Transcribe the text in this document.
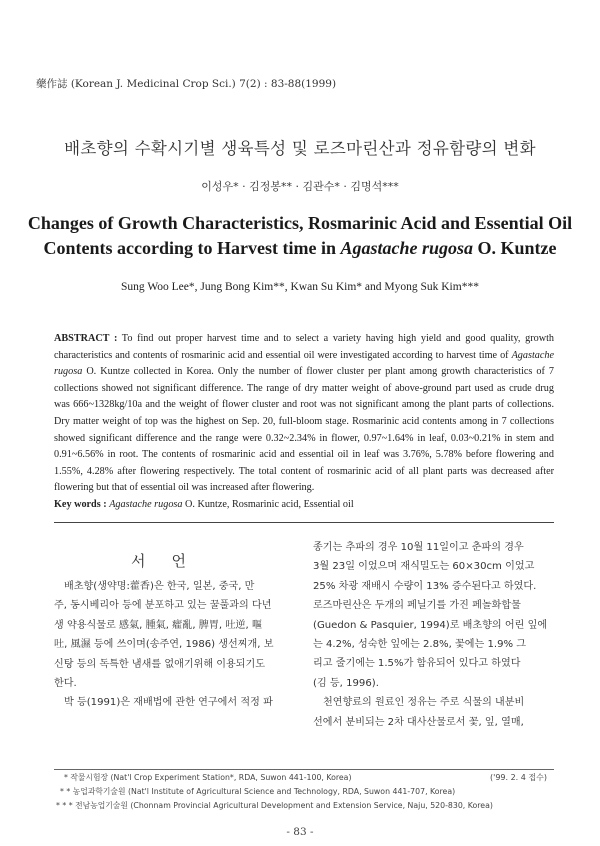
藥作誌 (Korean J. Medicinal Crop Sci.) 7(2) : 83-88(1999)
배초향의 수확시기별 생육특성 및 로즈마린산과 정유함량의 변화
이성우* · 김정봉** · 김관수* · 김명석***
Changes of Growth Characteristics, Rosmarinic Acid and Essential Oil
Contents according to Harvest time in Agastache rugosa O. Kuntze
Sung Woo Lee*, Jung Bong Kim**, Kwan Su Kim* and Myong Suk Kim***
ABSTRACT : To find out proper harvest time and to select a variety having high yield and good quality, growth characteristics and contents of rosmarinic acid and essential oil were investigated according to harvest time of Agastache rugosa O. Kuntze collected in Korea. Only the number of flower cluster per plant among growth characteristics of 7 collections showed not significant difference. The range of dry matter weight of above-ground part used as crude drug was 666~1328kg/10a and the weight of flower cluster and root was not significant among the plant parts of collections. Dry matter weight of top was the highest on Sep. 20, full-bloom stage. Rosmarinic acid contents among in 7 collections showed significant difference and the range were 0.32~2.34% in flower, 0.97~1.64% in leaf, 0.03~0.21% in stem and 0.91~6.56% in root. The contents of rosmarinic acid and essential oil in leaf was 3.76%, 5.78% before flowering and 1.55%, 4.28% after flowering respectively. The total content of rosmarinic acid of all plant parts was decreased after flowering but that of essential oil was increased after flowering.
Key words : Agastache rugosa O. Kuntze, Rosmarinic acid, Essential oil
서언
배초향(생약명:藿香)은 한국, 일본, 중국, 만
주, 동시베리아 등에 분포하고 있는 꿀풀과의 다년
생 약용식물로 感氣, 腫氣, 癨亂, 脾胃, 吐逆, 嘔
吐, 風濕 등에 쓰이며(송주연, 1986) 생선찌개, 보
신탕 등의 독특한 냄새를 없애기위해 이용되기도
한다.
박 등(1991)은 재배법에 관한 연구에서 적정 파
종기는 추파의 경우 10월 11일이고 춘파의 경우
3월 23일 이었으며 재식밀도는 60×30cm 이었고
25% 차광 재배시 수량이 13% 증수된다고 하였다.
로즈마린산은 두개의 페닐기를 가진 페놀화합물
(Guedon & Pasquier, 1994)로 배초향의 어린 잎에
는 4.2%, 성숙한 잎에는 2.8%, 꽃에는 1.9% 그
리고 줄기에는 1.5%가 함유되어 있다고 하였다
(김 등, 1996).
천연향료의 원료인 정유는 주로 식물의 내분비
선에서 분비되는 2차 대사산물로서 꽃, 잎, 열매,
* 작물시험장 (Nat'l Crop Experiment Station*, RDA, Suwon 441-100, Korea)
* * 농업과학기술원 (Nat'l Institute of Agricultural Science and Technology, RDA, Suwon 441-707, Korea)
* * * 전남농업기술원 (Chonnam Provincial Agricultural Development and Extension Service, Naju, 520-830, Korea)
('99. 2. 4 접수)
- 83 -
